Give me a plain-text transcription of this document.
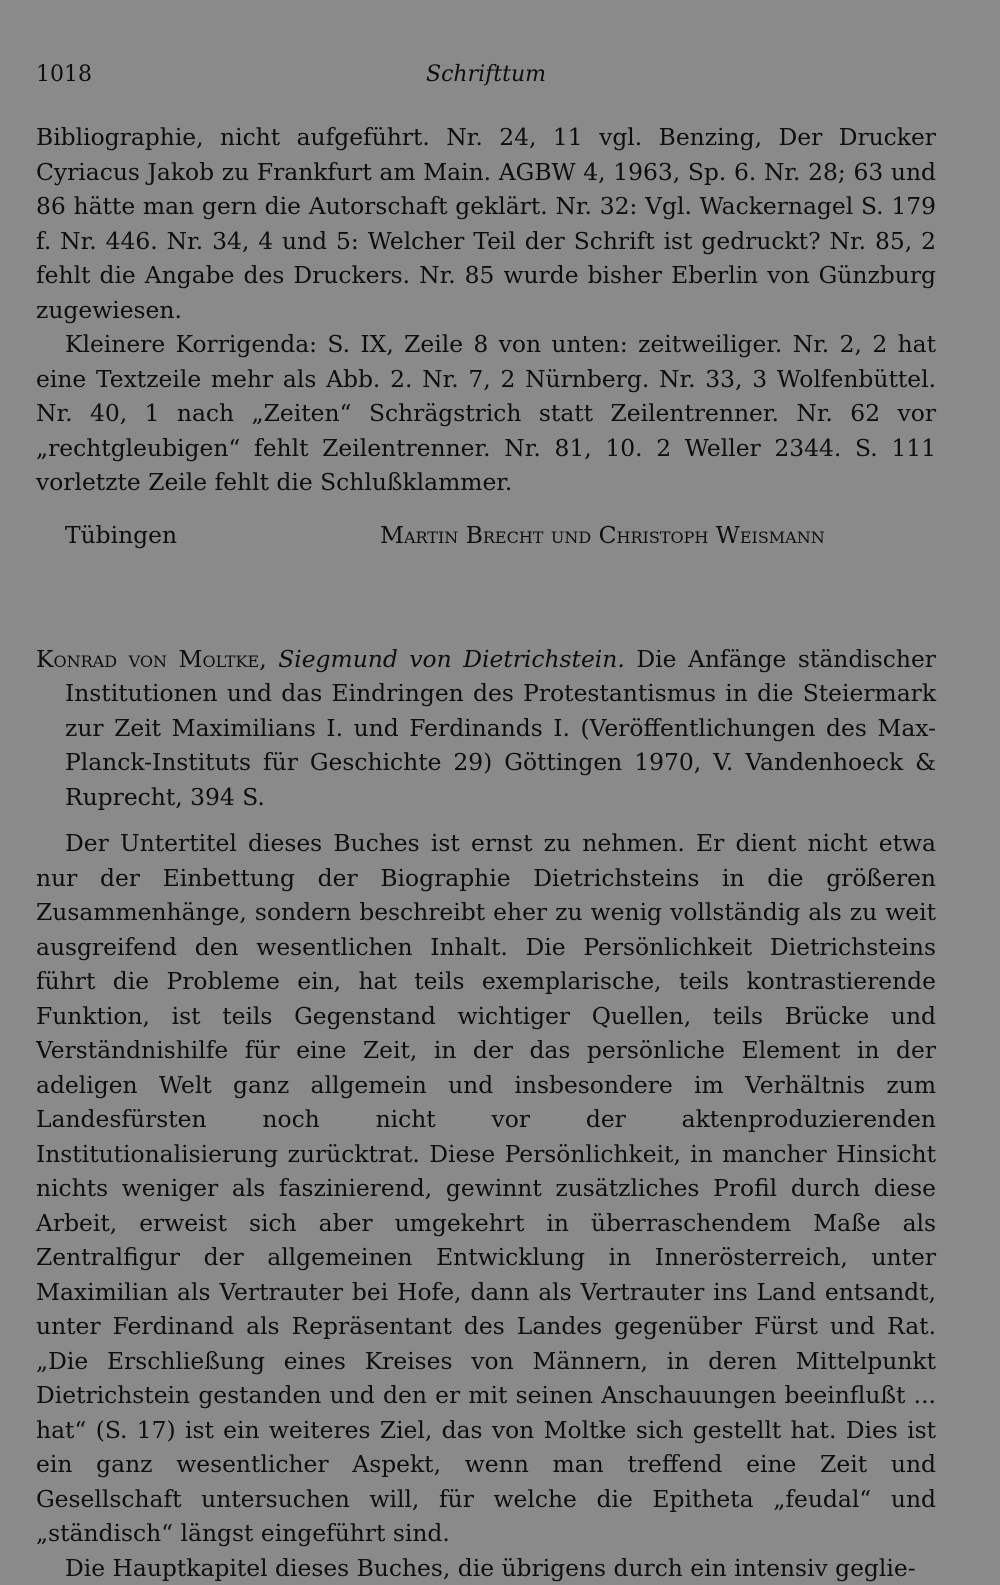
1018	Schrifttum

Bibliographie, nicht aufgeführt. Nr. 24, 11 vgl. Benzing, Der Drucker Cyriacus Jakob zu Frankfurt am Main. AGBW 4, 1963, Sp. 6. Nr. 28; 63 und 86 hätte man gern die Autorschaft geklärt. Nr. 32: Vgl. Wackernagel S. 179 f. Nr. 446. Nr. 34, 4 und 5: Welcher Teil der Schrift ist gedruckt? Nr. 85, 2 fehlt die Angabe des Druckers. Nr. 85 wurde bisher Eberlin von Günzburg zugewiesen.

Kleinere Korrigenda: S. IX, Zeile 8 von unten: zeitweiliger. Nr. 2, 2 hat eine Textzeile mehr als Abb. 2. Nr. 7, 2 Nürnberg. Nr. 33, 3 Wolfenbüttel. Nr. 40, 1 nach „Zeiten“ Schrägstrich statt Zeilentrenner. Nr. 62 vor „rechtgleubigen“ fehlt Zeilentrenner. Nr. 81, 10. 2 Weller 2344. S. 111 vorletzte Zeile fehlt die Schlußklammer.

Tübingen	Martin Brecht und Christoph Weismann
Konrad von Moltke, Siegmund von Dietrichstein. Die Anfänge ständischer Institutionen und das Eindringen des Protestantismus in die Steiermark zur Zeit Maximilians I. und Ferdinands I. (Veröffentlichungen des Max-Planck-Instituts für Geschichte 29) Göttingen 1970, V. Vandenhoeck & Ruprecht, 394 S.

Der Untertitel dieses Buches ist ernst zu nehmen. Er dient nicht etwa nur der Einbettung der Biographie Dietrichsteins in die größeren Zusammenhänge, sondern beschreibt eher zu wenig vollständig als zu weit ausgreifend den wesentlichen Inhalt. Die Persönlichkeit Dietrichsteins führt die Probleme ein, hat teils exemplarische, teils kontrastierende Funktion, ist teils Gegenstand wichtiger Quellen, teils Brücke und Verständnishilfe für eine Zeit, in der das persönliche Element in der adeligen Welt ganz allgemein und insbesondere im Verhältnis zum Landesfürsten noch nicht vor der aktenproduzierenden Institutionalisierung zurücktrat. Diese Persönlichkeit, in mancher Hinsicht nichts weniger als faszinierend, gewinnt zusätzliches Profil durch diese Arbeit, erweist sich aber umgekehrt in überraschendem Maße als Zentralfigur der allgemeinen Entwicklung in Innerösterreich, unter Maximilian als Vertrauter bei Hofe, dann als Vertrauter ins Land entsandt, unter Ferdinand als Repräsentant des Landes gegenüber Fürst und Rat. „Die Erschließung eines Kreises von Männern, in deren Mittelpunkt Dietrichstein gestanden und den er mit seinen Anschauungen beeinflußt ... hat“ (S. 17) ist ein weiteres Ziel, das von Moltke sich gestellt hat. Dies ist ein ganz wesentlicher Aspekt, wenn man treffend eine Zeit und Gesellschaft untersuchen will, für welche die Epitheta „feudal“ und „ständisch“ längst eingeführt sind.

Die Hauptkapitel dieses Buches, die übrigens durch ein intensiv geglie-
